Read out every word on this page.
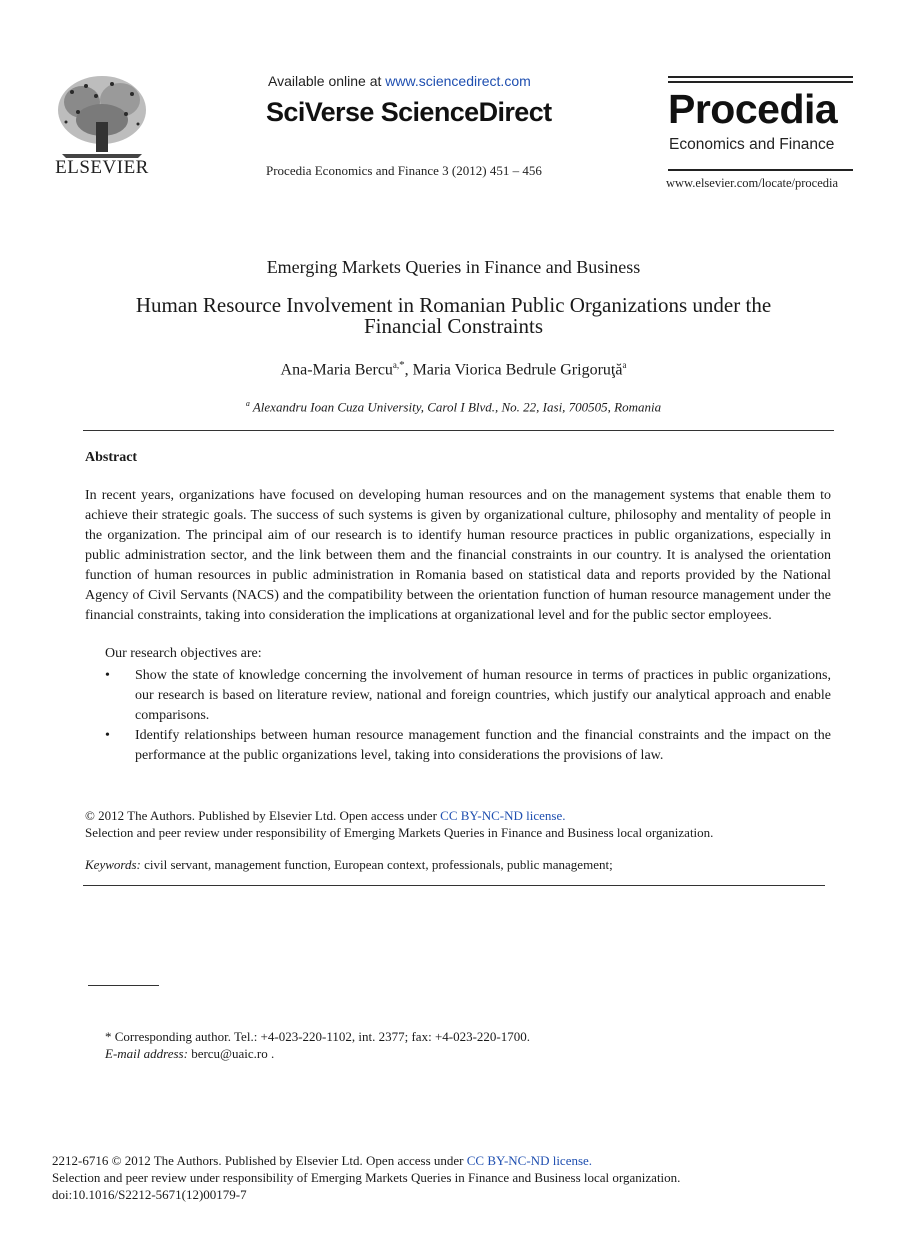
ELSEVIER
Available online at www.sciencedirect.com
SciVerse ScienceDirect
Procedia Economics and Finance 3 (2012) 451 – 456
Procedia
Economics and Finance
www.elsevier.com/locate/procedia
Emerging Markets Queries in Finance and Business
Human Resource Involvement in Romanian Public Organizations under the
Financial Constraints
Ana-Maria Bercu$^{a,*}$, Maria Viorica Bedrule Grigoruţă$^a$
$^a$ Alexandru Ioan Cuza University, Carol I Blvd., No. 22, Iasi, 700505, Romania
Abstract

In recent years, organizations have focused on developing human resources and on the management systems that enable them to achieve their strategic goals. The success of such systems is given by organizational culture, philosophy and mentality of people in the organization. The principal aim of our research is to identify human resource practices in public organizations, especially in public administration sector, and the link between them and the financial constraints in our country. It is analysed the orientation function of human resources in public administration in Romania based on statistical data and reports provided by the National Agency of Civil Servants (NACS) and the compatibility between the orientation function of human resource management under the financial constraints, taking into consideration the implications at organizational level and for the public sector employees.

Our research objectives are:
•	Show the state of knowledge concerning the involvement of human resource in terms of practices in public organizations, our research is based on literature review, national and foreign countries, which justify our analytical approach and enable comparisons.
•	Identify relationships between human resource management function and the financial constraints and the impact on the performance at the public organizations level, taking into considerations the provisions of law.
© 2012 The Authors. Published by Elsevier Ltd. Open access under CC BY-NC-ND license.
Selection and peer review under responsibility of Emerging Markets Queries in Finance and Business local organization.
Keywords: civil servant, management function, European context, professionals, public management;
* Corresponding author. Tel.: +4-023-220-1102, int. 2377; fax: +4-023-220-1700.
E-mail address: bercu@uaic.ro .
2212-6716 © 2012 The Authors. Published by Elsevier Ltd. Open access under CC BY-NC-ND license.
Selection and peer review under responsibility of Emerging Markets Queries in Finance and Business local organization.
doi:10.1016/S2212-5671(12)00179-7
